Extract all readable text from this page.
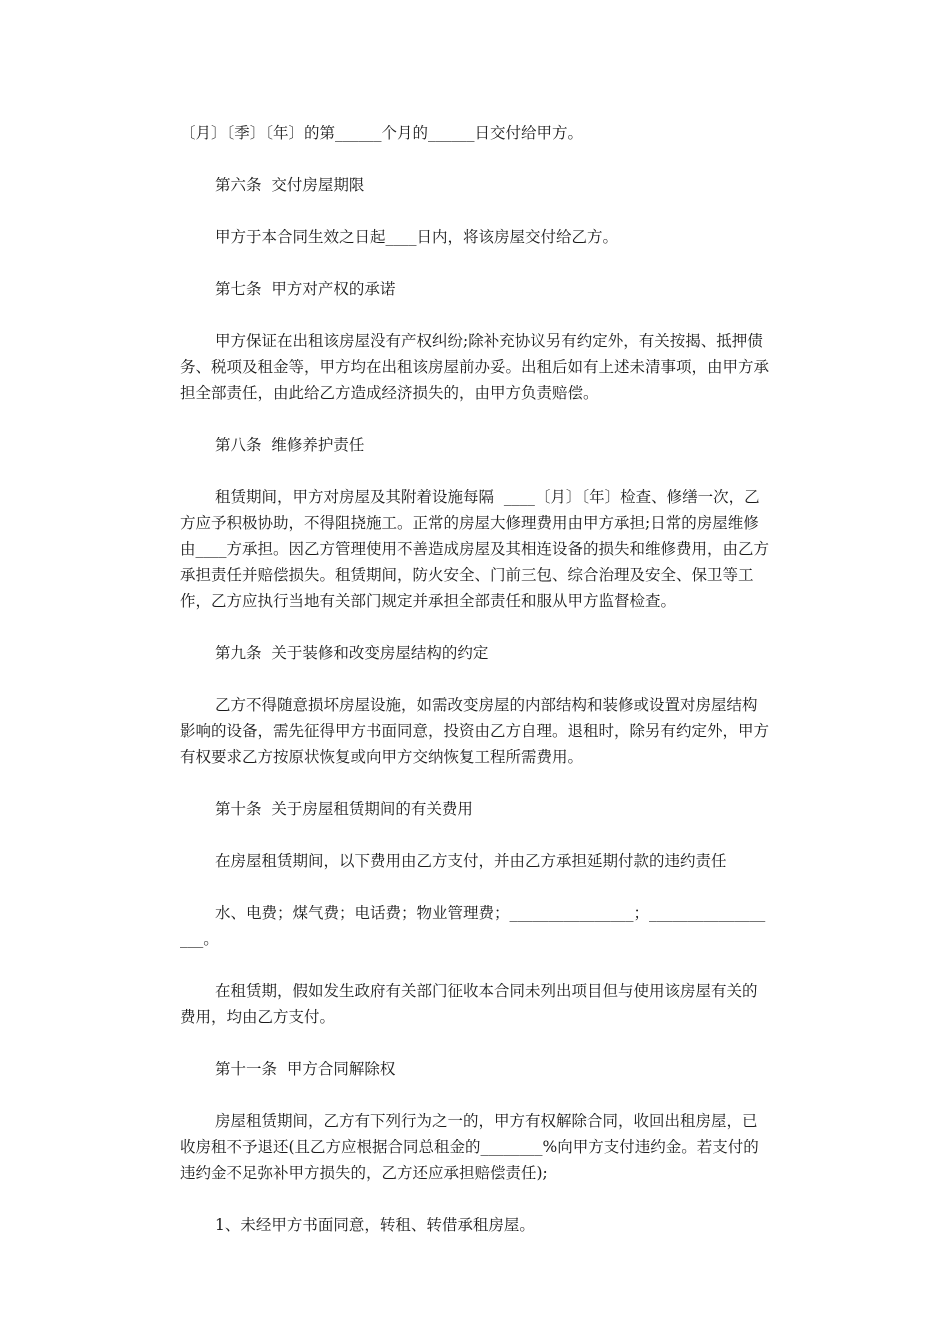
〔月〕〔季〕〔年〕的第______个月的______日交付给甲方。

第六条  交付房屋期限

甲方于本合同生效之日起____日内，将该房屋交付给乙方。

第七条  甲方对产权的承诺

甲方保证在出租该房屋没有产权纠纷;除补充协议另有约定外，有关按揭、抵押债务、税项及租金等，甲方均在出租该房屋前办妥。出租后如有上述未清事项，由甲方承担全部责任，由此给乙方造成经济损失的，由甲方负责赔偿。

第八条  维修养护责任

租赁期间，甲方对房屋及其附着设施每隔  ____〔月〕〔年〕检查、修缮一次，乙方应予积极协助，不得阻挠施工。正常的房屋大修理费用由甲方承担;日常的房屋维修由____方承担。因乙方管理使用不善造成房屋及其相连设备的损失和维修费用，由乙方承担责任并赔偿损失。租赁期间，防火安全、门前三包、综合治理及安全、保卫等工作，乙方应执行当地有关部门规定并承担全部责任和服从甲方监督检查。

第九条  关于装修和改变房屋结构的约定

乙方不得随意损坏房屋设施，如需改变房屋的内部结构和装修或设置对房屋结构影响的设备，需先征得甲方书面同意，投资由乙方自理。退租时，除另有约定外，甲方有权要求乙方按原状恢复或向甲方交纳恢复工程所需费用。

第十条  关于房屋租赁期间的有关费用

在房屋租赁期间，以下费用由乙方支付，并由乙方承担延期付款的违约责任

水、电费；煤气费；电话费；物业管理费；________________；__________________。

在租赁期，假如发生政府有关部门征收本合同未列出项目但与使用该房屋有关的费用，均由乙方支付。

第十一条  甲方合同解除权

房屋租赁期间，乙方有下列行为之一的，甲方有权解除合同，收回出租房屋，已收房租不予退还(且乙方应根据合同总租金的________%向甲方支付违约金。若支付的违约金不足弥补甲方损失的，乙方还应承担赔偿责任);

1、未经甲方书面同意，转租、转借承租房屋。
